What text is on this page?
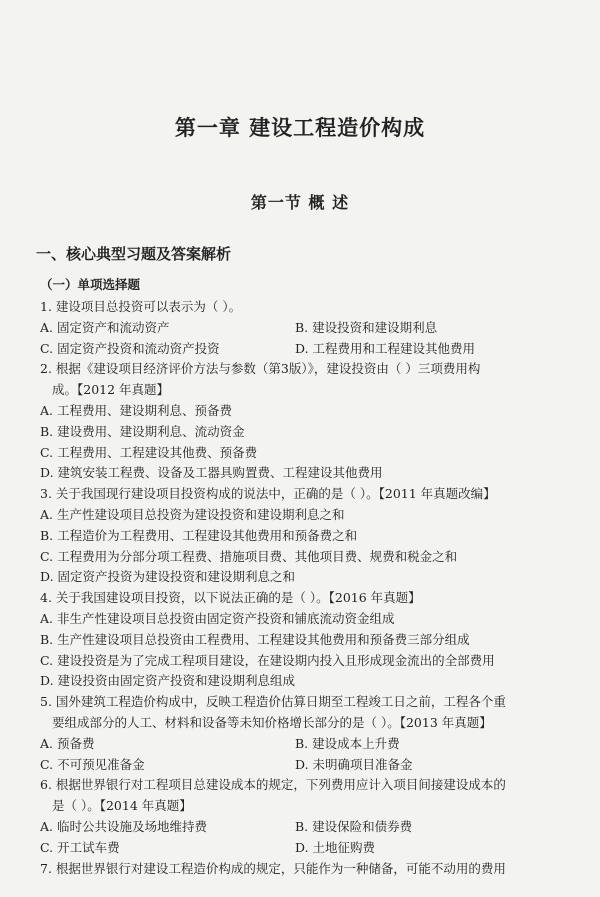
第一章 建设工程造价构成
第一节 概 述
一、核心典型习题及答案解析
（一）单项选择题
1. 建设项目总投资可以表示为（ ）。
A. 固定资产和流动资产	B. 建设投资和建设期利息
C. 固定资产投资和流动资产投资	D. 工程费用和工程建设其他费用
2. 根据《建设项目经济评价方法与参数（第3版）》，建设投资由（ ）三项费用构
成。【2012 年真题】
A. 工程费用、建设期利息、预备费
B. 建设费用、建设期利息、流动资金
C. 工程费用、工程建设其他费、预备费
D. 建筑安装工程费、设备及工器具购置费、工程建设其他费用
3. 关于我国现行建设项目投资构成的说法中，正确的是（ ）。【2011 年真题改编】
A. 生产性建设项目总投资为建设投资和建设期利息之和
B. 工程造价为工程费用、工程建设其他费用和预备费之和
C. 工程费用为分部分项工程费、措施项目费、其他项目费、规费和税金之和
D. 固定资产投资为建设投资和建设期利息之和
4. 关于我国建设项目投资，以下说法正确的是（ ）。【2016 年真题】
A. 非生产性建设项目总投资由固定资产投资和铺底流动资金组成
B. 生产性建设项目总投资由工程费用、工程建设其他费用和预备费三部分组成
C. 建设投资是为了完成工程项目建设，在建设期内投入且形成现金流出的全部费用
D. 建设投资由固定资产投资和建设期利息组成
5. 国外建筑工程造价构成中，反映工程造价估算日期至工程竣工日之前，工程各个重
要组成部分的人工、材料和设备等未知价格增长部分的是（ ）。【2013 年真题】
A. 预备费	B. 建设成本上升费
C. 不可预见准备金	D. 未明确项目准备金
6. 根据世界银行对工程项目总建设成本的规定，下列费用应计入项目间接建设成本的
是（ ）。【2014 年真题】
A. 临时公共设施及场地维持费	B. 建设保险和债券费
C. 开工试车费	D. 土地征购费
7. 根据世界银行对建设工程造价构成的规定，只能作为一种储备，可能不动用的费用
